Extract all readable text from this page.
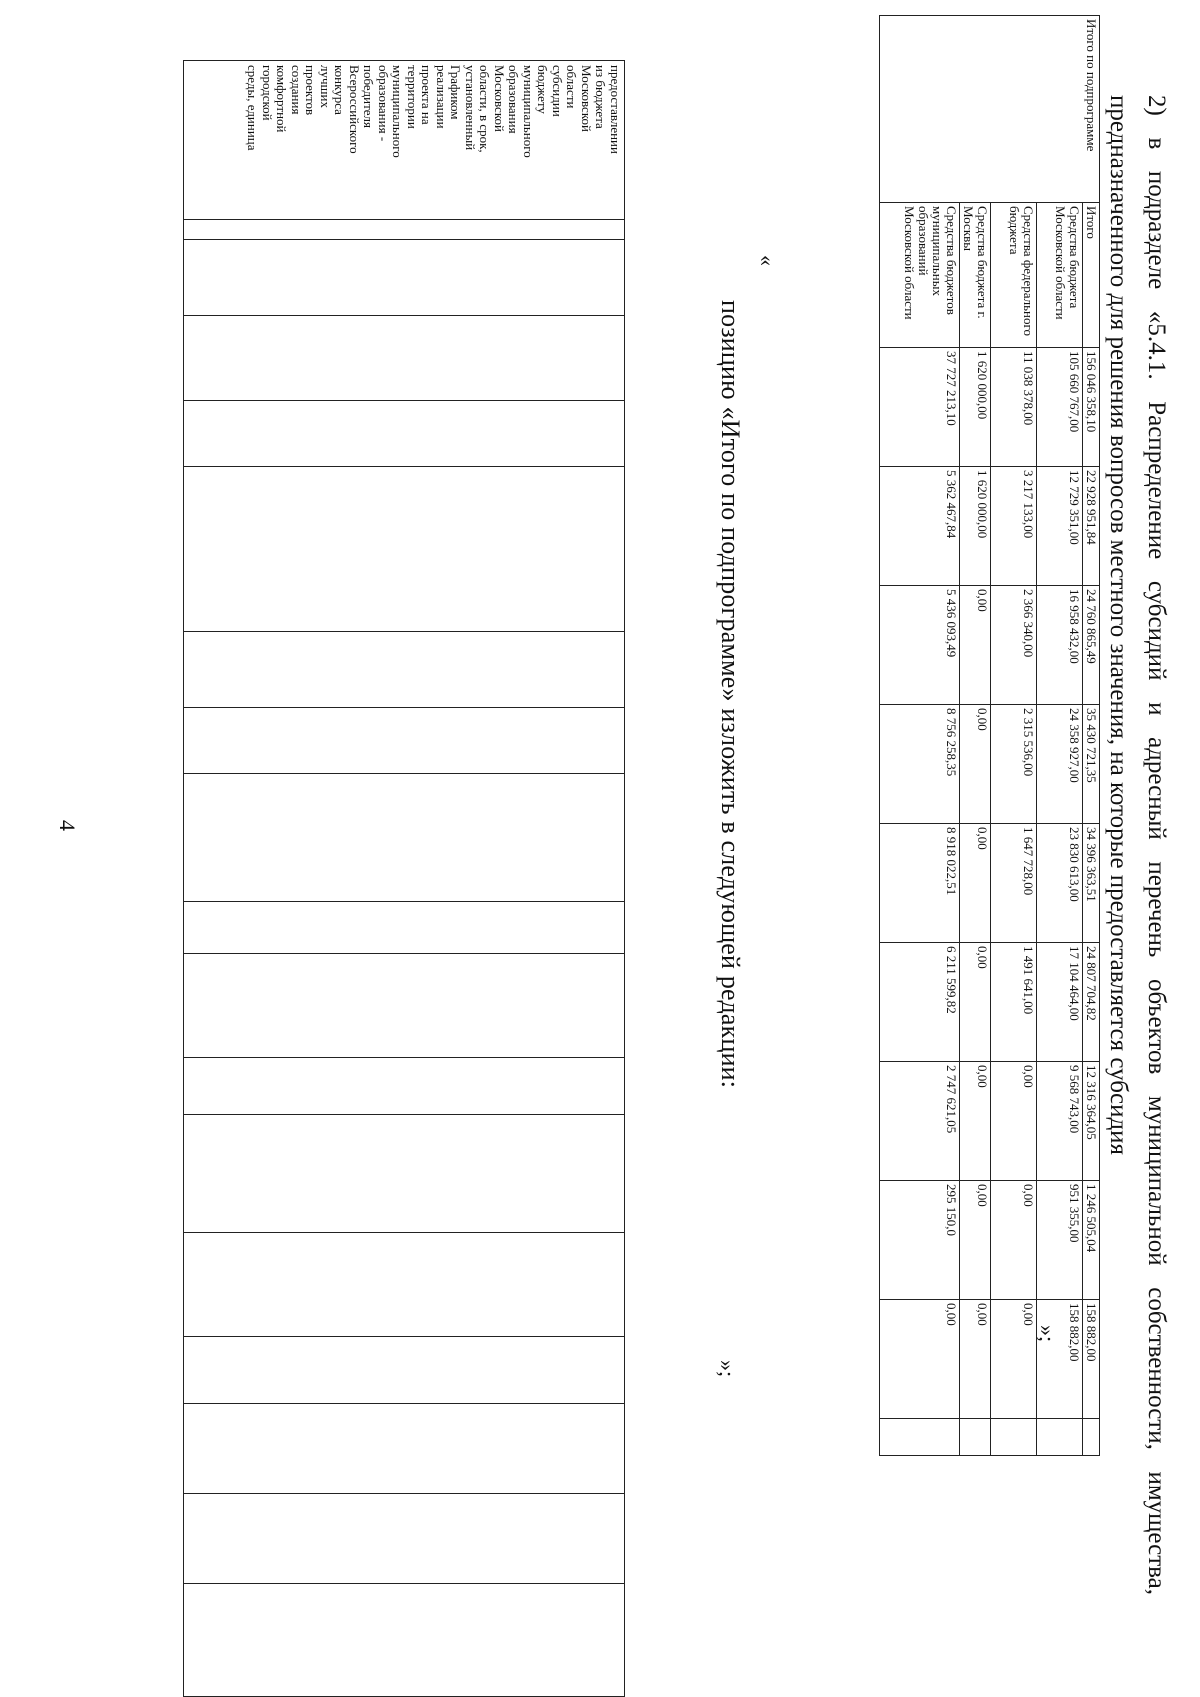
4
предоставлении
из бюджета
Московской
области
субсидии
бюджету
муниципального
образования
Московской
области, в срок,
установленный
Графиком
реализации
проекта на
территории
муниципального
образования -
победителя
Всероссийского
конкурса
лучших
проектов
создания
комфортной
городской
среды, единица

»;
позицию «Итого по подпрограмме» изложить в следующей редакции:
«
Итого по подпрограмме	Итого	156 046 358,10	22 928 951,84	24 760 865,49	35 430 721,35	34 396 363,51	24 807 704,82	12 316 364,05	1 246 505,04	158 882,00	
	Средства бюджета Московской области	105 660 767,00	12 729 351,00	16 958 432,00	24 358 927,00	23 830 613,00	17 104 464,00	9 568 743,00	951 355,00	158 882,00	
	Средства федерального бюджета	11 038 378,00	3 217 133,00	2 366 340,00	2 315 536,00	1 647 728,00	1 491 641,00	0,00	0,00	0,00	
	Средства бюджета г. Москвы	1 620 000,00	1 620 000,00	0,00	0,00	0,00	0,00	0,00	0,00	0,00	
	Средства бюджетов муниципальных образований Московской области	37 727 213,10	5 362 467,84	5 436 093,49	8 756 258,35	8 918 022,51	6 211 599,82	2 747 621,05	295 150,0	0,00	
»;	2) в подразделе «5.4.1. Распределение субсидий и адресный перечень объектов муниципальной собственности, имущества, предназначенного для решения вопросов местного значения, на которые предоставляется субсидия
